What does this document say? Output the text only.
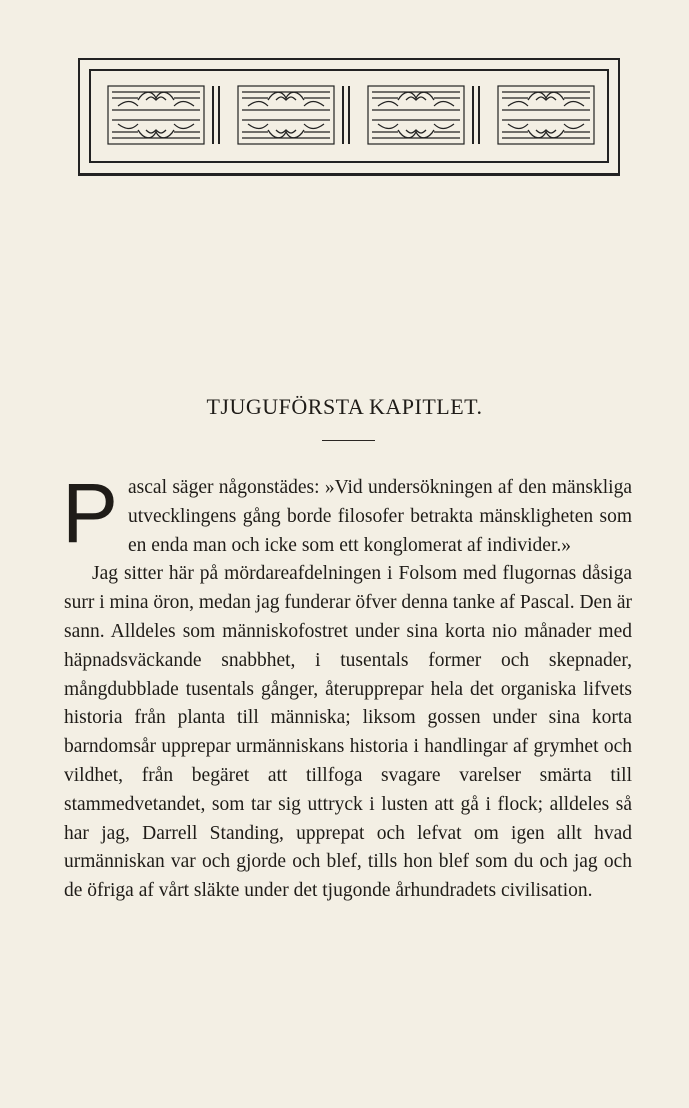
TJUGUFÖRSTA KAPITLET.

Pascal säger någonstädes: »Vid undersökningen af den mänskliga utvecklingens gång borde filosofer betrakta mänskligheten som en enda man och icke som ett konglomerat af individer.»

Jag sitter här på mördareafdelningen i Folsom med flugornas dåsiga surr i mina öron, medan jag funderar öfver denna tanke af Pascal. Den är sann. Alldeles som människofostret under sina korta nio månader med häpnadsväckande snabbhet, i tusentals former och skepnader, mångdubblade tusentals gånger, återupprepar hela det organiska lifvets historia från planta till människa; liksom gossen under sina korta barndomsår upprepar urmänniskans historia i handlingar af grymhet och vildhet, från begäret att tillfoga svagare varelser smärta till stammedvetandet, som tar sig uttryck i lusten att gå i flock; alldeles så har jag, Darrell Standing, upprepat och lefvat om igen allt hvad urmänniskan var och gjorde och blef, tills hon blef som du och jag och de öfriga af vårt släkte under det tjugonde århundradets civilisation.
